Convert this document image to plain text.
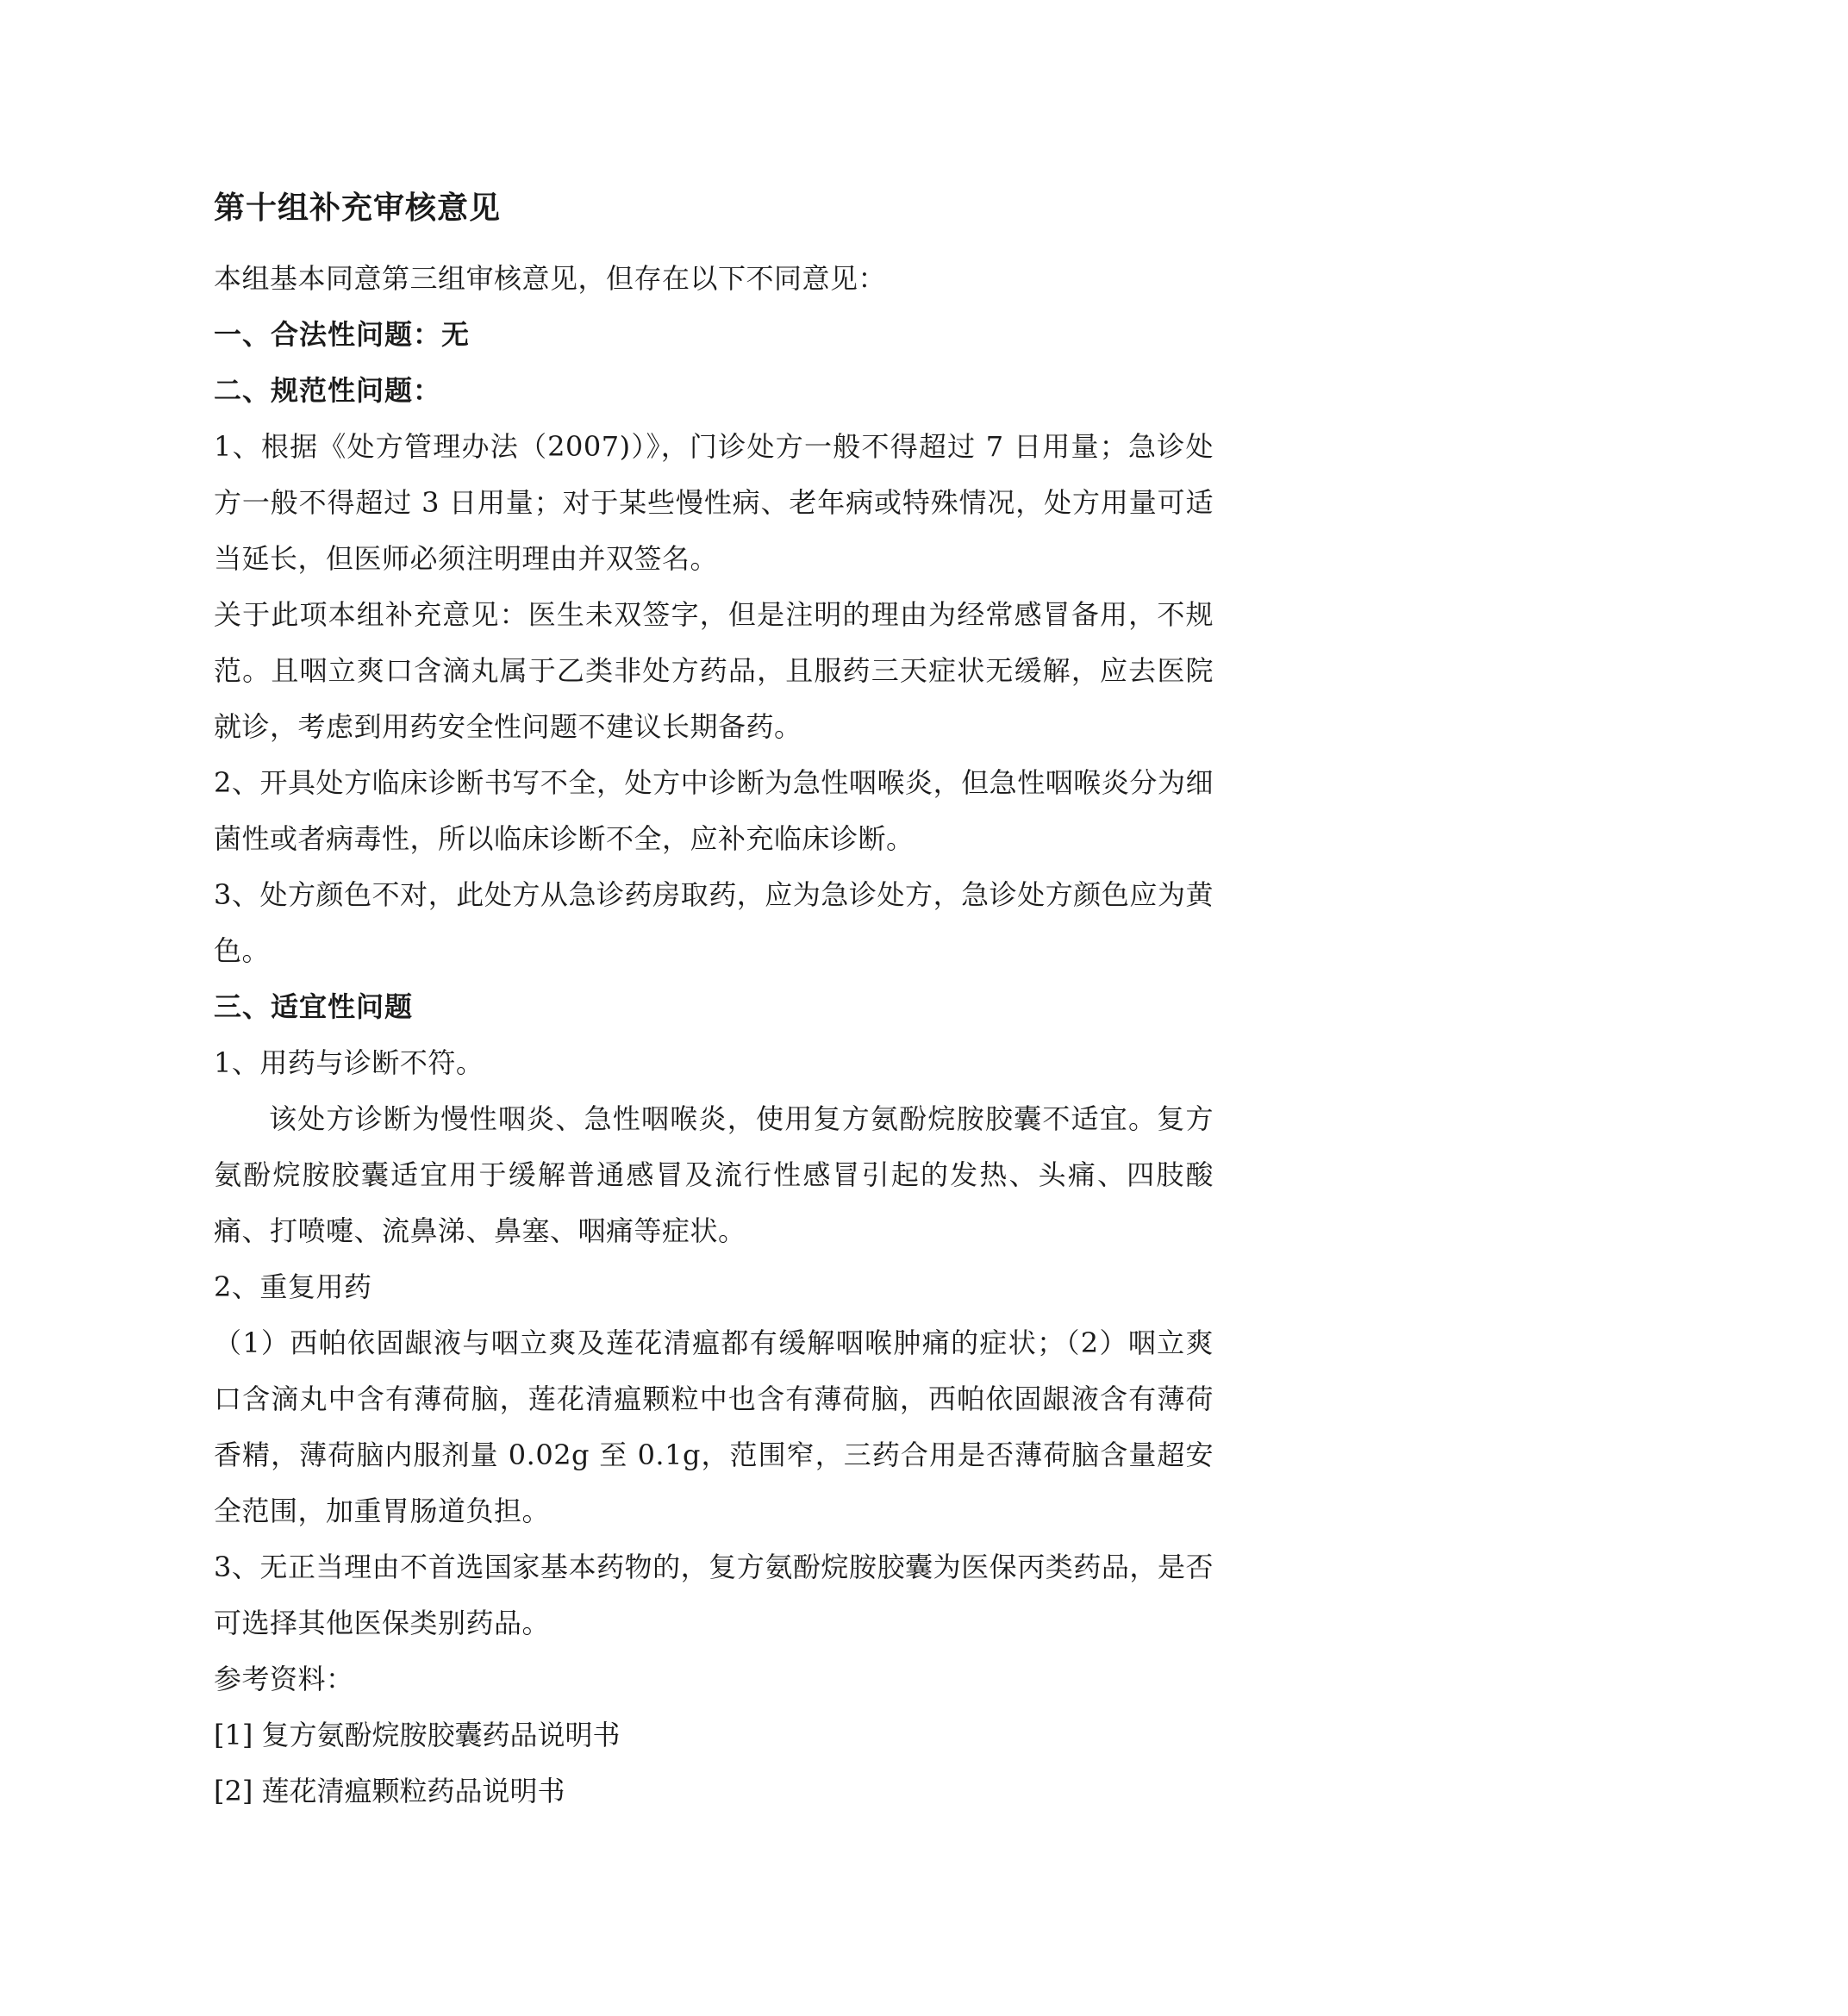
第十组补充审核意见

本组基本同意第三组审核意见，但存在以下不同意见：

一、合法性问题：无

二、规范性问题：

1、根据《处方管理办法（2007)）》，门诊处方一般不得超过 7 日用量；急诊处方一般不得超过 3 日用量；对于某些慢性病、老年病或特殊情况，处方用量可适当延长，但医师必须注明理由并双签名。

关于此项本组补充意见：医生未双签字，但是注明的理由为经常感冒备用，不规范。且咽立爽口含滴丸属于乙类非处方药品，且服药三天症状无缓解，应去医院就诊，考虑到用药安全性问题不建议长期备药。

2、开具处方临床诊断书写不全，处方中诊断为急性咽喉炎，但急性咽喉炎分为细菌性或者病毒性，所以临床诊断不全，应补充临床诊断。

3、处方颜色不对，此处方从急诊药房取药，应为急诊处方，急诊处方颜色应为黄色。

三、适宜性问题

1、用药与诊断不符。

该处方诊断为慢性咽炎、急性咽喉炎，使用复方氨酚烷胺胶囊不适宜。复方氨酚烷胺胶囊适宜用于缓解普通感冒及流行性感冒引起的发热、头痛、四肢酸痛、打喷嚏、流鼻涕、鼻塞、咽痛等症状。

2、重复用药

（1）西帕依固龈液与咽立爽及莲花清瘟都有缓解咽喉肿痛的症状；（2）咽立爽口含滴丸中含有薄荷脑，莲花清瘟颗粒中也含有薄荷脑，西帕依固龈液含有薄荷香精，薄荷脑内服剂量 0.02g 至 0.1g，范围窄，三药合用是否薄荷脑含量超安全范围，加重胃肠道负担。

3、无正当理由不首选国家基本药物的，复方氨酚烷胺胶囊为医保丙类药品，是否可选择其他医保类别药品。

参考资料：

[1] 复方氨酚烷胺胶囊药品说明书

[2] 莲花清瘟颗粒药品说明书
